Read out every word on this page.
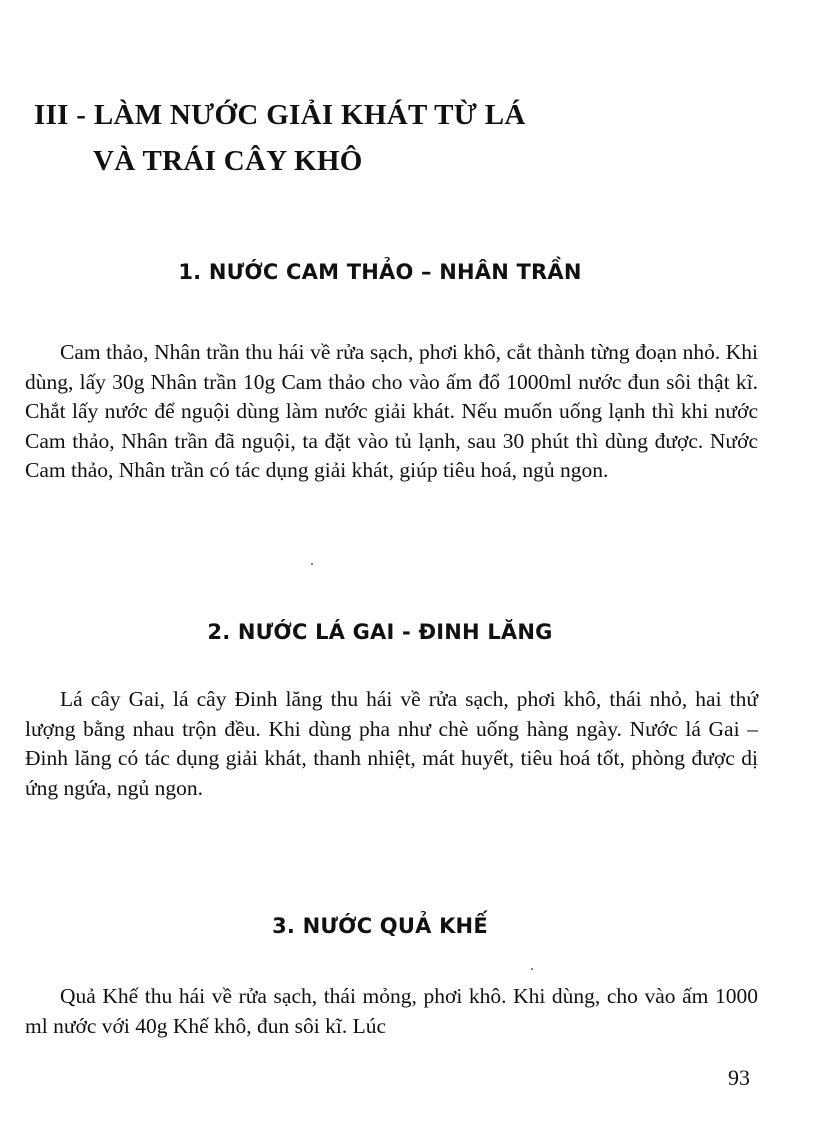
III - LÀM NƯỚC GIẢI KHÁT TỪ LÁ
VÀ TRÁI CÂY KHÔ
1. NƯỚC CAM THẢO – NHÂN TRẦN

Cam thảo, Nhân trần thu hái về rửa sạch, phơi khô, cắt thành từng đoạn nhỏ. Khi dùng, lấy 30g Nhân trần 10g Cam thảo cho vào ấm đổ 1000ml nước đun sôi thật kĩ. Chắt lấy nước để nguội dùng làm nước giải khát. Nếu muốn uống lạnh thì khi nước Cam thảo, Nhân trần đã nguội, ta đặt vào tủ lạnh, sau 30 phút thì dùng được. Nước Cam thảo, Nhân trần có tác dụng giải khát, giúp tiêu hoá, ngủ ngon.

2. NƯỚC LÁ GAI - ĐINH LĂNG

Lá cây Gai, lá cây Đinh lăng thu hái về rửa sạch, phơi khô, thái nhỏ, hai thứ lượng bằng nhau trộn đều. Khi dùng pha như chè uống hàng ngày. Nước lá Gai – Đinh lăng có tác dụng giải khát, thanh nhiệt, mát huyết, tiêu hoá tốt, phòng được dị ứng ngứa, ngủ ngon.

3. NƯỚC QUẢ KHẾ

Quả Khế thu hái về rửa sạch, thái mỏng, phơi khô. Khi dùng, cho vào ấm 1000 ml nước với 40g Khế khô, đun sôi kĩ. Lúc

93
